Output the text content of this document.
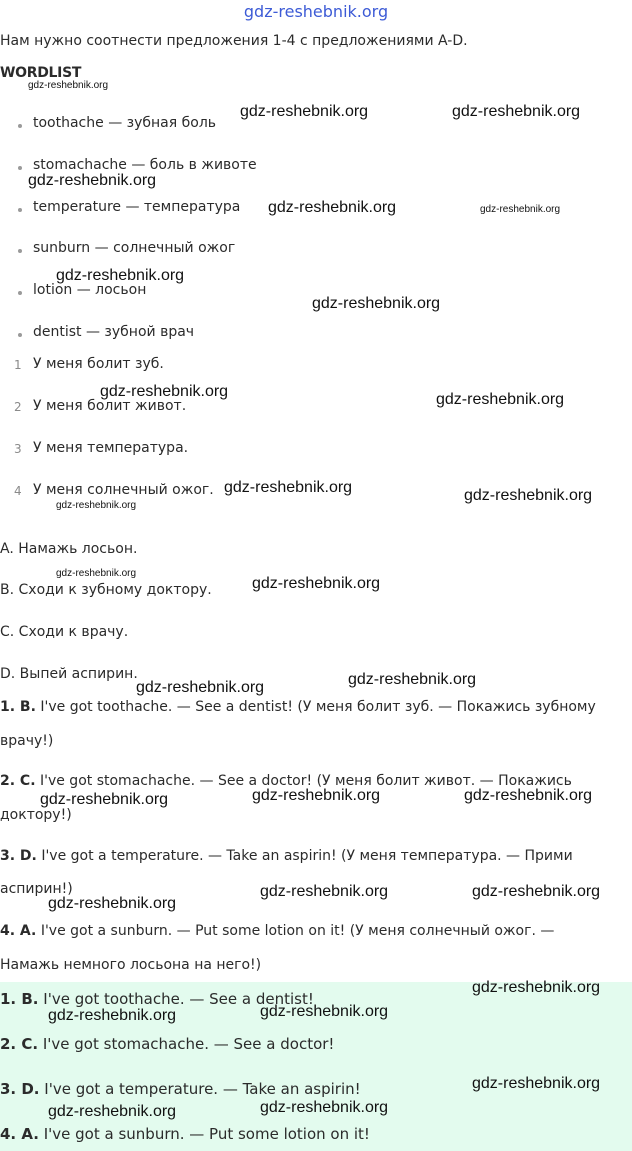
gdz-reshebnik.org
Нам нужно соотнести предложения 1-4 с предложениями A-D.
WORDLIST
toothache — зубная боль
stomachache — боль в животе
temperature — температура
sunburn — солнечный ожог
lotion — лосьон
dentist — зубной врач
1 У меня болит зуб.
2 У меня болит живот.
3 У меня температура.
4 У меня солнечный ожог.
A. Намажь лосьон.
B. Сходи к зубному доктору.
C. Сходи к врачу.
D. Выпей аспирин.
1. B. I've got toothache. — See a dentist! (У меня болит зуб. — Покажись зубному
врачу!)
2. C. I've got stomachache. — See a doctor! (У меня болит живот. — Покажись
доктору!)
3. D. I've got a temperature. — Take an aspirin! (У меня температура. — Прими
аспирин!)
4. A. I've got a sunburn. — Put some lotion on it! (У меня солнечный ожог. —
Намажь немного лосьона на него!)
1. B. I've got toothache. — See a dentist!
2. C. I've got stomachache. — See a doctor!
3. D. I've got a temperature. — Take an aspirin!
4. A. I've got a sunburn. — Put some lotion on it!
gdz-reshebnik.org
gdz-reshebnik.org	gdz-reshebnik.org
gdz-reshebnik.org
gdz-reshebnik.org	gdz-reshebnik.org
gdz-reshebnik.org
gdz-reshebnik.org
gdz-reshebnik.org	gdz-reshebnik.org
gdz-reshebnik.org	gdz-reshebnik.org
gdz-reshebnik.org
gdz-reshebnik.org
gdz-reshebnik.org
gdz-reshebnik.org
gdz-reshebnik.org
gdz-reshebnik.org	gdz-reshebnik.org
gdz-reshebnik.org
gdz-reshebnik.org	gdz-reshebnik.org
gdz-reshebnik.org
gdz-reshebnik.org
gdz-reshebnik.org
gdz-reshebnik.org
gdz-reshebnik.org
gdz-reshebnik.org
gdz-reshebnik.org
